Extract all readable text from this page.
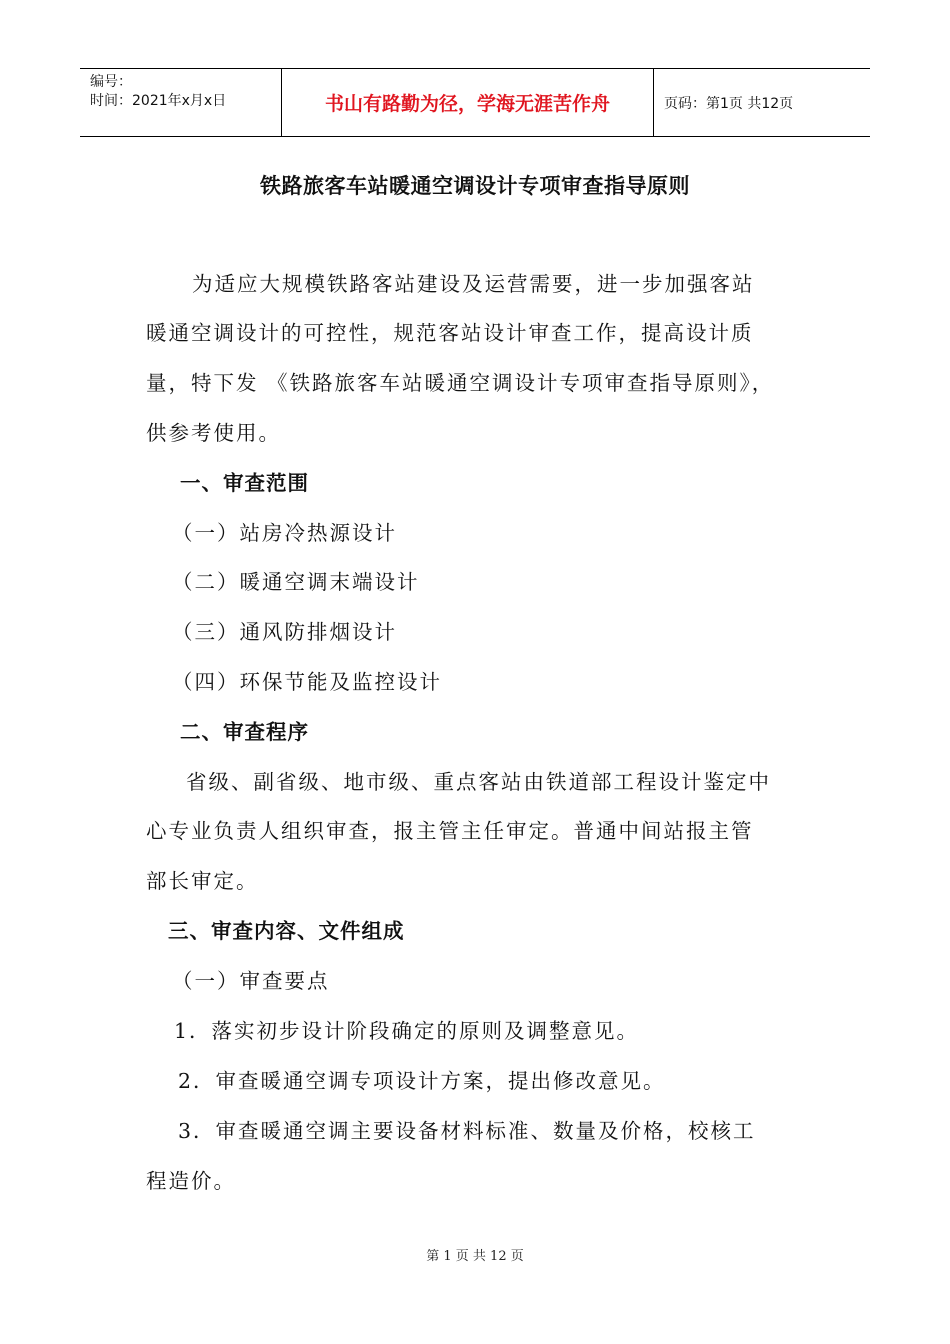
编号：
时间：2021年x月x日	书山有路勤为径，学海无涯苦作舟	页码：第1页 共12页
铁路旅客车站暖通空调设计专项审查指导原则
为适应大规模铁路客站建设及运营需要，进一步加强客站
暖通空调设计的可控性，规范客站设计审查工作，提高设计质
量，特下发 《铁路旅客车站暖通空调设计专项审查指导原则》，
供参考使用。
一、审查范围
（一）站房冷热源设计
（二）暖通空调末端设计
（三）通风防排烟设计
（四）环保节能及监控设计
二、审查程序
省级、副省级、地市级、重点客站由铁道部工程设计鉴定中
心专业负责人组织审查，报主管主任审定。普通中间站报主管
部长审定。
三、审查内容、文件组成
（一）审查要点
1．落实初步设计阶段确定的原则及调整意见。
2．审查暖通空调专项设计方案，提出修改意见。
3．审查暖通空调主要设备材料标准、数量及价格，校核工
程造价。
第 1 页 共 12 页
